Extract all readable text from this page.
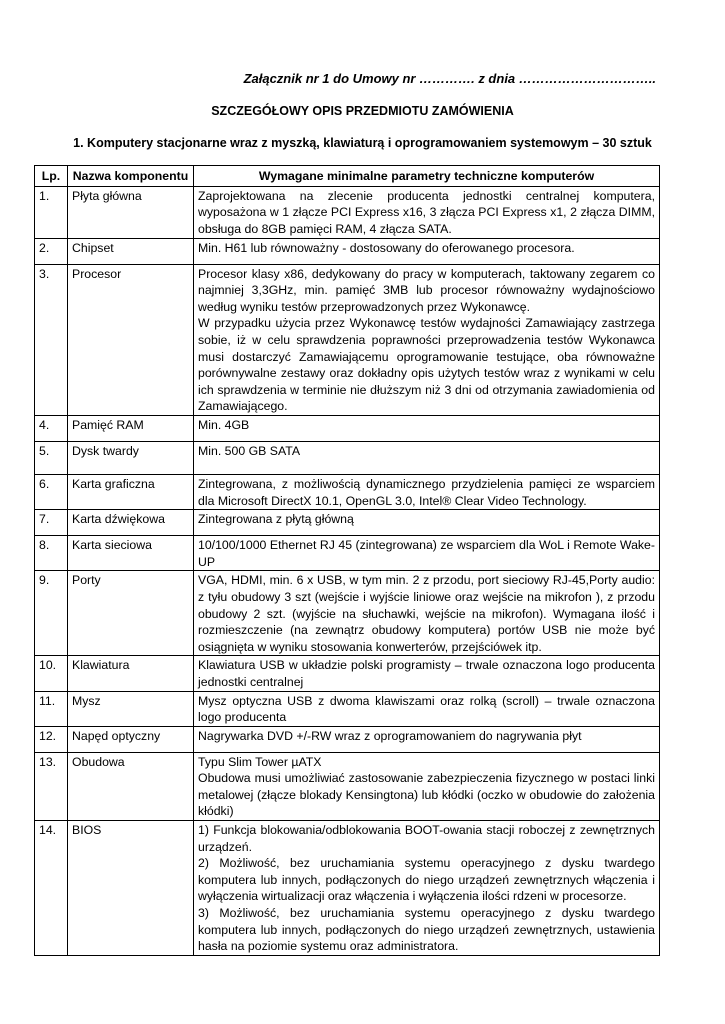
Załącznik nr 1 do Umowy nr …………. z dnia …………………………..
SZCZEGÓŁOWY OPIS PRZEDMIOTU ZAMÓWIENIA
1. Komputery stacjonarne wraz z myszką, klawiaturą i oprogramowaniem systemowym – 30 sztuk
Lp.	Nazwa komponentu	Wymagane minimalne parametry techniczne komputerów
1.	Płyta główna	Zaprojektowana na zlecenie producenta jednostki centralnej komputera, wyposażona w 1 złącze PCI Express x16, 3 złącza PCI Express x1, 2 złącza DIMM, obsługa do 8GB pamięci RAM, 4 złącza SATA.

2.	Chipset	Min. H61 lub równoważny - dostosowany do oferowanego procesora.

3.	Procesor	Procesor klasy x86, dedykowany do pracy w komputerach, taktowany zegarem co najmniej 3,3GHz, min. pamięć 3MB lub procesor równoważny wydajnościowo według wyniku testów przeprowadzonych przez Wykonawcę.

W przypadku użycia przez Wykonawcę testów wydajności Zamawiający zastrzega sobie, iż w celu sprawdzenia poprawności przeprowadzenia testów Wykonawca musi dostarczyć Zamawiającemu oprogramowanie testujące, oba równoważne porównywalne zestawy oraz dokładny opis użytych testów wraz z wynikami w celu ich sprawdzenia w terminie nie dłuższym niż 3 dni od otrzymania zawiadomienia od Zamawiającego.

4.	Pamięć RAM	Min. 4GB

5.	Dysk twardy	Min. 500 GB SATA

6.	Karta graficzna	Zintegrowana, z możliwością dynamicznego przydzielenia pamięci ze wsparciem dla Microsoft DirectX 10.1, OpenGL 3.0, Intel® Clear Video Technology.

7.	Karta dźwiękowa	Zintegrowana z płytą główną

8.	Karta sieciowa	10/100/1000 Ethernet RJ 45 (zintegrowana) ze wsparciem dla WoL i Remote Wake-UP

9.	Porty	VGA, HDMI, min. 6 x USB, w tym min. 2 z przodu, port sieciowy RJ-45,Porty audio: z tyłu obudowy 3 szt (wejście i wyjście liniowe oraz wejście na mikrofon ), z przodu obudowy 2 szt. (wyjście na słuchawki, wejście na mikrofon). Wymagana ilość i rozmieszczenie (na zewnątrz obudowy komputera) portów USB nie może być osiągnięta w wyniku stosowania konwerterów, przejściówek itp.

10.	Klawiatura	Klawiatura USB w układzie polski programisty – trwale oznaczona logo producenta jednostki centralnej

11.	Mysz	Mysz optyczna USB z dwoma klawiszami oraz rolką (scroll) – trwale oznaczona logo producenta

12.	Napęd optyczny	Nagrywarka DVD +/-RW wraz z oprogramowaniem do nagrywania płyt

13.	Obudowa	Typu Slim Tower µATX

Obudowa musi umożliwiać zastosowanie zabezpieczenia fizycznego w postaci linki metalowej (złącze blokady Kensingtona) lub kłódki (oczko w obudowie do założenia kłódki)

14.	BIOS	1) Funkcja blokowania/odblokowania BOOT-owania stacji roboczej z zewnętrznych urządzeń.

2) Możliwość, bez uruchamiania systemu operacyjnego z dysku twardego komputera lub innych, podłączonych do niego urządzeń zewnętrznych włączenia i wyłączenia wirtualizacji oraz włączenia i wyłączenia ilości rdzeni w procesorze.

3) Możliwość, bez uruchamiania systemu operacyjnego z dysku twardego komputera lub innych, podłączonych do niego urządzeń zewnętrznych, ustawienia hasła na poziomie systemu oraz administratora.
